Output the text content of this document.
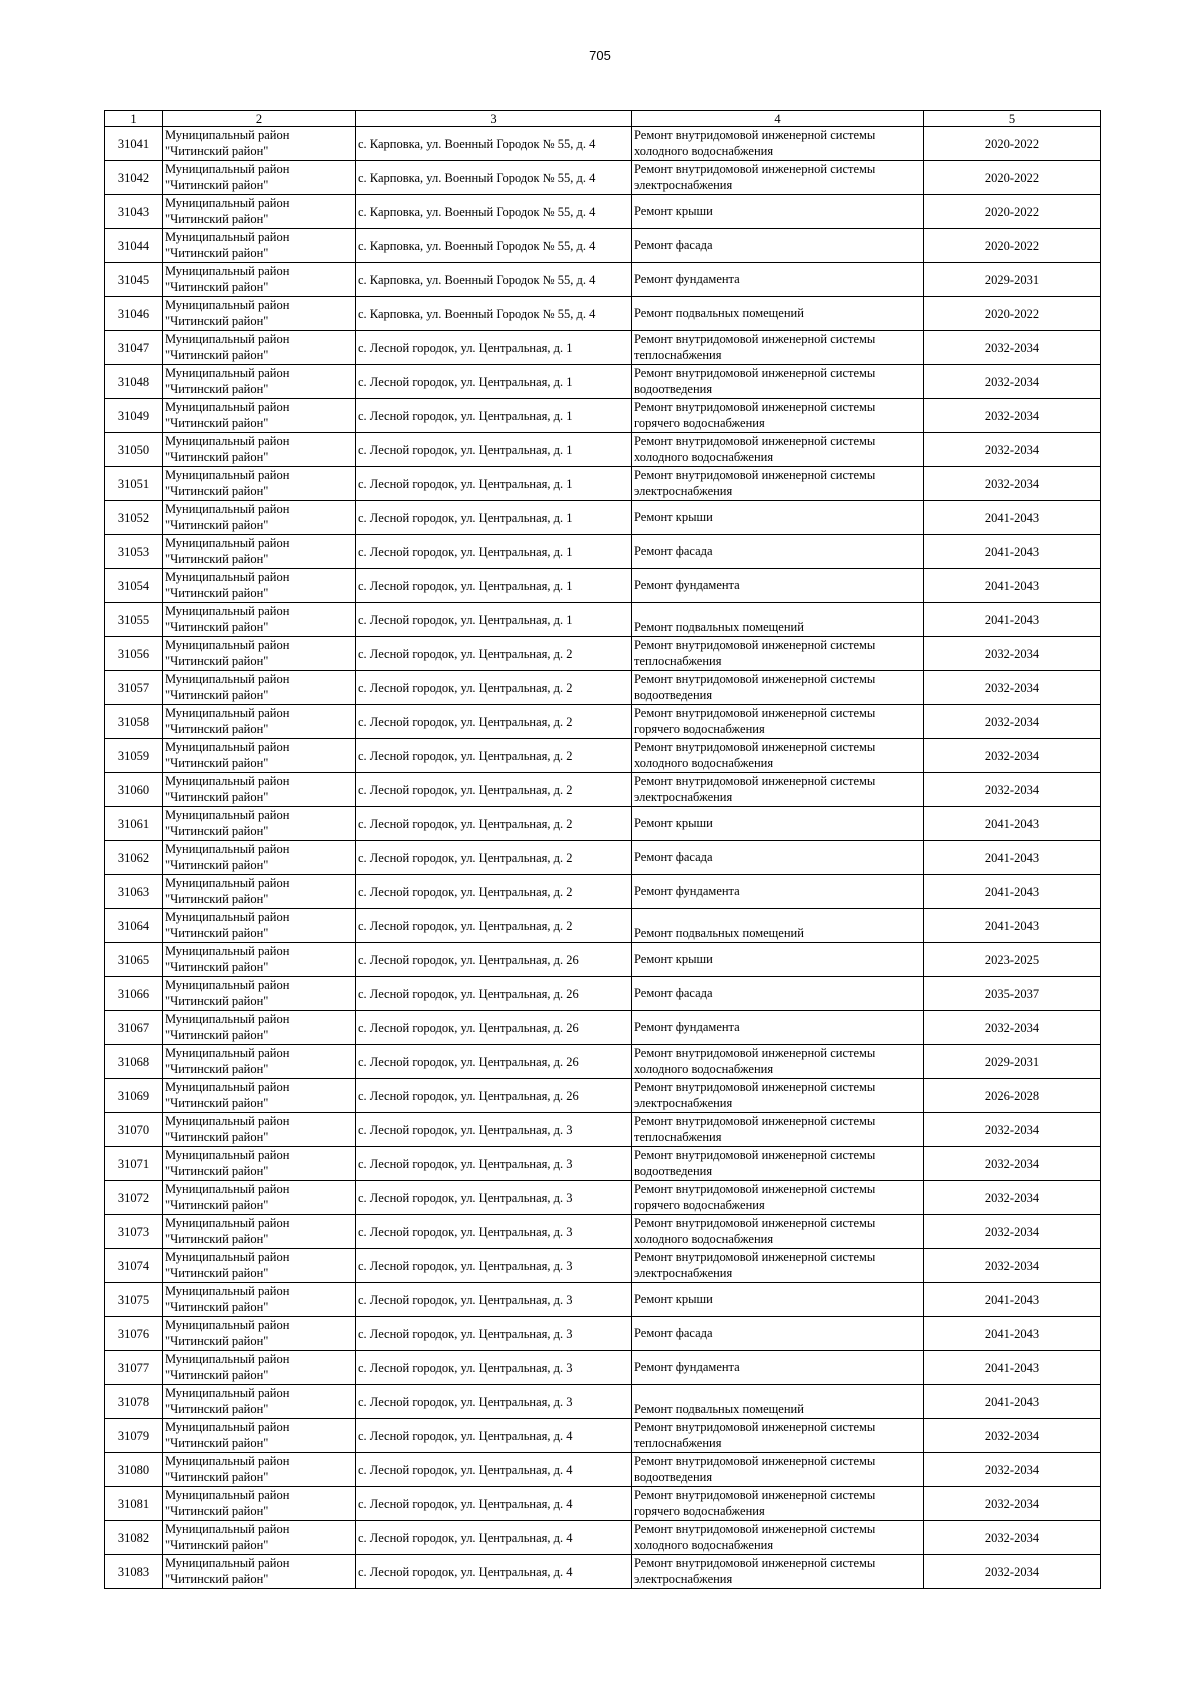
705
1	2	3	4	5
31041	Муниципальный район
"Читинский район"	с. Карповка, ул. Военный Городок № 55, д. 4	Ремонт внутридомовой инженерной системы
холодного водоснабжения	2020-2022
31042	Муниципальный район
"Читинский район"	с. Карповка, ул. Военный Городок № 55, д. 4	Ремонт внутридомовой инженерной системы
электроснабжения	2020-2022
31043	Муниципальный район
"Читинский район"	с. Карповка, ул. Военный Городок № 55, д. 4	Ремонт крыши	2020-2022
31044	Муниципальный район
"Читинский район"	с. Карповка, ул. Военный Городок № 55, д. 4	Ремонт фасада	2020-2022
31045	Муниципальный район
"Читинский район"	с. Карповка, ул. Военный Городок № 55, д. 4	Ремонт фундамента	2029-2031
31046	Муниципальный район
"Читинский район"	с. Карповка, ул. Военный Городок № 55, д. 4	Ремонт подвальных помещений	2020-2022
31047	Муниципальный район
"Читинский район"	с. Лесной городок, ул. Центральная, д. 1	Ремонт внутридомовой инженерной системы
теплоснабжения	2032-2034
31048	Муниципальный район
"Читинский район"	с. Лесной городок, ул. Центральная, д. 1	Ремонт внутридомовой инженерной системы
водоотведения	2032-2034
31049	Муниципальный район
"Читинский район"	с. Лесной городок, ул. Центральная, д. 1	Ремонт внутридомовой инженерной системы
горячего водоснабжения	2032-2034
31050	Муниципальный район
"Читинский район"	с. Лесной городок, ул. Центральная, д. 1	Ремонт внутридомовой инженерной системы
холодного водоснабжения	2032-2034
31051	Муниципальный район
"Читинский район"	с. Лесной городок, ул. Центральная, д. 1	Ремонт внутридомовой инженерной системы
электроснабжения	2032-2034
31052	Муниципальный район
"Читинский район"	с. Лесной городок, ул. Центральная, д. 1	Ремонт крыши	2041-2043
31053	Муниципальный район
"Читинский район"	с. Лесной городок, ул. Центральная, д. 1	Ремонт фасада	2041-2043
31054	Муниципальный район
"Читинский район"	с. Лесной городок, ул. Центральная, д. 1	Ремонт фундамента	2041-2043
31055	Муниципальный район
"Читинский район"	с. Лесной городок, ул. Центральная, д. 1	Ремонт подвальных помещений	2041-2043
31056	Муниципальный район
"Читинский район"	с. Лесной городок, ул. Центральная, д. 2	Ремонт внутридомовой инженерной системы
теплоснабжения	2032-2034
31057	Муниципальный район
"Читинский район"	с. Лесной городок, ул. Центральная, д. 2	Ремонт внутридомовой инженерной системы
водоотведения	2032-2034
31058	Муниципальный район
"Читинский район"	с. Лесной городок, ул. Центральная, д. 2	Ремонт внутридомовой инженерной системы
горячего водоснабжения	2032-2034
31059	Муниципальный район
"Читинский район"	с. Лесной городок, ул. Центральная, д. 2	Ремонт внутридомовой инженерной системы
холодного водоснабжения	2032-2034
31060	Муниципальный район
"Читинский район"	с. Лесной городок, ул. Центральная, д. 2	Ремонт внутридомовой инженерной системы
электроснабжения	2032-2034
31061	Муниципальный район
"Читинский район"	с. Лесной городок, ул. Центральная, д. 2	Ремонт крыши	2041-2043
31062	Муниципальный район
"Читинский район"	с. Лесной городок, ул. Центральная, д. 2	Ремонт фасада	2041-2043
31063	Муниципальный район
"Читинский район"	с. Лесной городок, ул. Центральная, д. 2	Ремонт фундамента	2041-2043
31064	Муниципальный район
"Читинский район"	с. Лесной городок, ул. Центральная, д. 2	Ремонт подвальных помещений	2041-2043
31065	Муниципальный район
"Читинский район"	с. Лесной городок, ул. Центральная, д. 26	Ремонт крыши	2023-2025
31066	Муниципальный район
"Читинский район"	с. Лесной городок, ул. Центральная, д. 26	Ремонт фасада	2035-2037
31067	Муниципальный район
"Читинский район"	с. Лесной городок, ул. Центральная, д. 26	Ремонт фундамента	2032-2034
31068	Муниципальный район
"Читинский район"	с. Лесной городок, ул. Центральная, д. 26	Ремонт внутридомовой инженерной системы
холодного водоснабжения	2029-2031
31069	Муниципальный район
"Читинский район"	с. Лесной городок, ул. Центральная, д. 26	Ремонт внутридомовой инженерной системы
электроснабжения	2026-2028
31070	Муниципальный район
"Читинский район"	с. Лесной городок, ул. Центральная, д. 3	Ремонт внутридомовой инженерной системы
теплоснабжения	2032-2034
31071	Муниципальный район
"Читинский район"	с. Лесной городок, ул. Центральная, д. 3	Ремонт внутридомовой инженерной системы
водоотведения	2032-2034
31072	Муниципальный район
"Читинский район"	с. Лесной городок, ул. Центральная, д. 3	Ремонт внутридомовой инженерной системы
горячего водоснабжения	2032-2034
31073	Муниципальный район
"Читинский район"	с. Лесной городок, ул. Центральная, д. 3	Ремонт внутридомовой инженерной системы
холодного водоснабжения	2032-2034
31074	Муниципальный район
"Читинский район"	с. Лесной городок, ул. Центральная, д. 3	Ремонт внутридомовой инженерной системы
электроснабжения	2032-2034
31075	Муниципальный район
"Читинский район"	с. Лесной городок, ул. Центральная, д. 3	Ремонт крыши	2041-2043
31076	Муниципальный район
"Читинский район"	с. Лесной городок, ул. Центральная, д. 3	Ремонт фасада	2041-2043
31077	Муниципальный район
"Читинский район"	с. Лесной городок, ул. Центральная, д. 3	Ремонт фундамента	2041-2043
31078	Муниципальный район
"Читинский район"	с. Лесной городок, ул. Центральная, д. 3	Ремонт подвальных помещений	2041-2043
31079	Муниципальный район
"Читинский район"	с. Лесной городок, ул. Центральная, д. 4	Ремонт внутридомовой инженерной системы
теплоснабжения	2032-2034
31080	Муниципальный район
"Читинский район"	с. Лесной городок, ул. Центральная, д. 4	Ремонт внутридомовой инженерной системы
водоотведения	2032-2034
31081	Муниципальный район
"Читинский район"	с. Лесной городок, ул. Центральная, д. 4	Ремонт внутридомовой инженерной системы
горячего водоснабжения	2032-2034
31082	Муниципальный район
"Читинский район"	с. Лесной городок, ул. Центральная, д. 4	Ремонт внутридомовой инженерной системы
холодного водоснабжения	2032-2034
31083	Муниципальный район
"Читинский район"	с. Лесной городок, ул. Центральная, д. 4	Ремонт внутридомовой инженерной системы
электроснабжения	2032-2034
